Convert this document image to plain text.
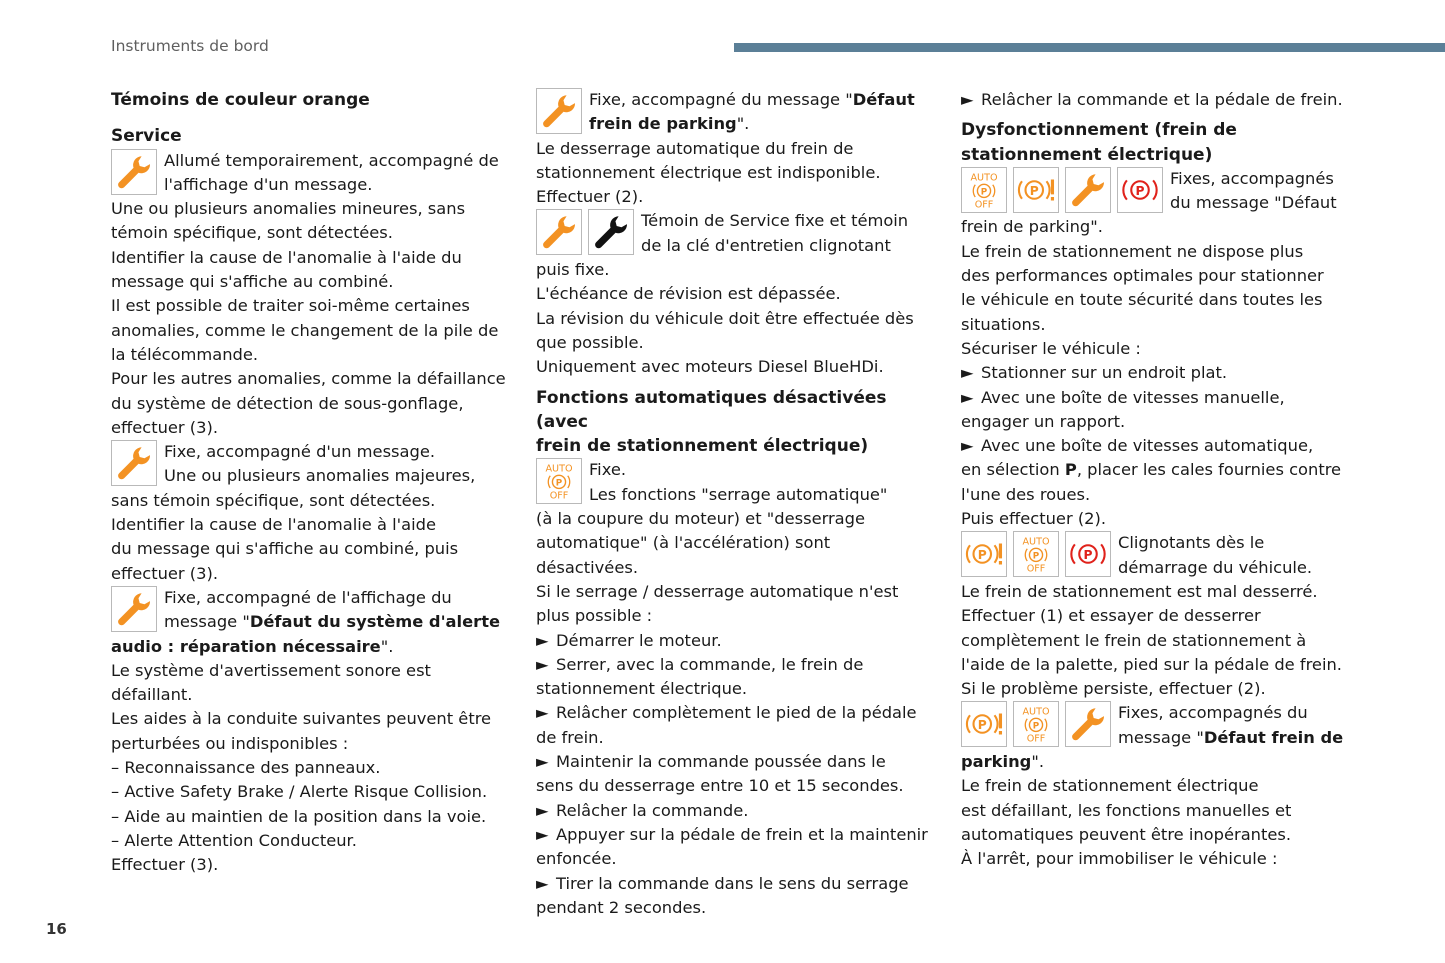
Instruments de bord
16

Témoins de couleur orange

Service

Allumé temporairement, accompagné de l'affichage d'un message.

Une ou plusieurs anomalies mineures, sans

témoin spécifique, sont détectées.

Identifier la cause de l'anomalie à l'aide du

message qui s'affiche au combiné.

Il est possible de traiter soi-même certaines

anomalies, comme le changement de la pile de

la télécommande.

Pour les autres anomalies, comme la défaillance

du système de détection de sous-gonflage,

effectuer (3).

Fixe, accompagné d'un message.

Une ou plusieurs anomalies majeures,

sans témoin spécifique, sont détectées.

Identifier la cause de l'anomalie à l'aide

du message qui s'affiche au combiné, puis

effectuer (3).

Fixe, accompagné de l'affichage du

message "Défaut du système d'alerte

audio : réparation nécessaire".

Le système d'avertissement sonore est

défaillant.

Les aides à la conduite suivantes peuvent être

perturbées ou indisponibles :

– Reconnaissance des panneaux.

– Active Safety Brake / Alerte Risque Collision.

– Aide au maintien de la position dans la voie.

– Alerte Attention Conducteur.

Effectuer (3).

Fixe, accompagné du message "Défaut

frein de parking".

Le desserrage automatique du frein de

stationnement électrique est indisponible.

Effectuer (2).

Témoin de Service fixe et témoin

de la clé d'entretien clignotant

puis fixe.

L'échéance de révision est dépassée.

La révision du véhicule doit être effectuée dès

que possible.

Uniquement avec moteurs Diesel BlueHDi.

Fonctions automatiques désactivées (avec

frein de stationnement électrique)

AUTO
P
OFF

Fixe.

Les fonctions "serrage automatique"

(à la coupure du moteur) et "desserrage

automatique" (à l'accélération) sont

désactivées.

Si le serrage / desserrage automatique n'est

plus possible :

► Démarrer le moteur.

► Serrer, avec la commande, le frein de

stationnement électrique.

► Relâcher complètement le pied de la pédale

de frein.

► Maintenir la commande poussée dans le

sens du desserrage entre 10 et 15 secondes.

► Relâcher la commande.

► Appuyer sur la pédale de frein et la maintenir

enfoncée.

► Tirer la commande dans le sens du serrage

pendant 2 secondes.

► Relâcher la commande et la pédale de frein.

Dysfonctionnement (frein de

stationnement électrique)

Fixes, accompagnés

du message "Défaut

frein de parking".

Le frein de stationnement ne dispose plus

des performances optimales pour stationner

le véhicule en toute sécurité dans toutes les

situations.

Sécuriser le véhicule :

► Stationner sur un endroit plat.

► Avec une boîte de vitesses manuelle,

engager un rapport.

► Avec une boîte de vitesses automatique,

en sélection P, placer les cales fournies contre

l'une des roues.

Puis effectuer (2).

Clignotants dès le

démarrage du véhicule.

Le frein de stationnement est mal desserré.

Effectuer (1) et essayer de desserrer

complètement le frein de stationnement à

l'aide de la palette, pied sur la pédale de frein.

Si le problème persiste, effectuer (2).

Fixes, accompagnés du

message "Défaut frein de

parking".

Le frein de stationnement électrique

est défaillant, les fonctions manuelles et

automatiques peuvent être inopérantes.

À l'arrêt, pour immobiliser le véhicule :
